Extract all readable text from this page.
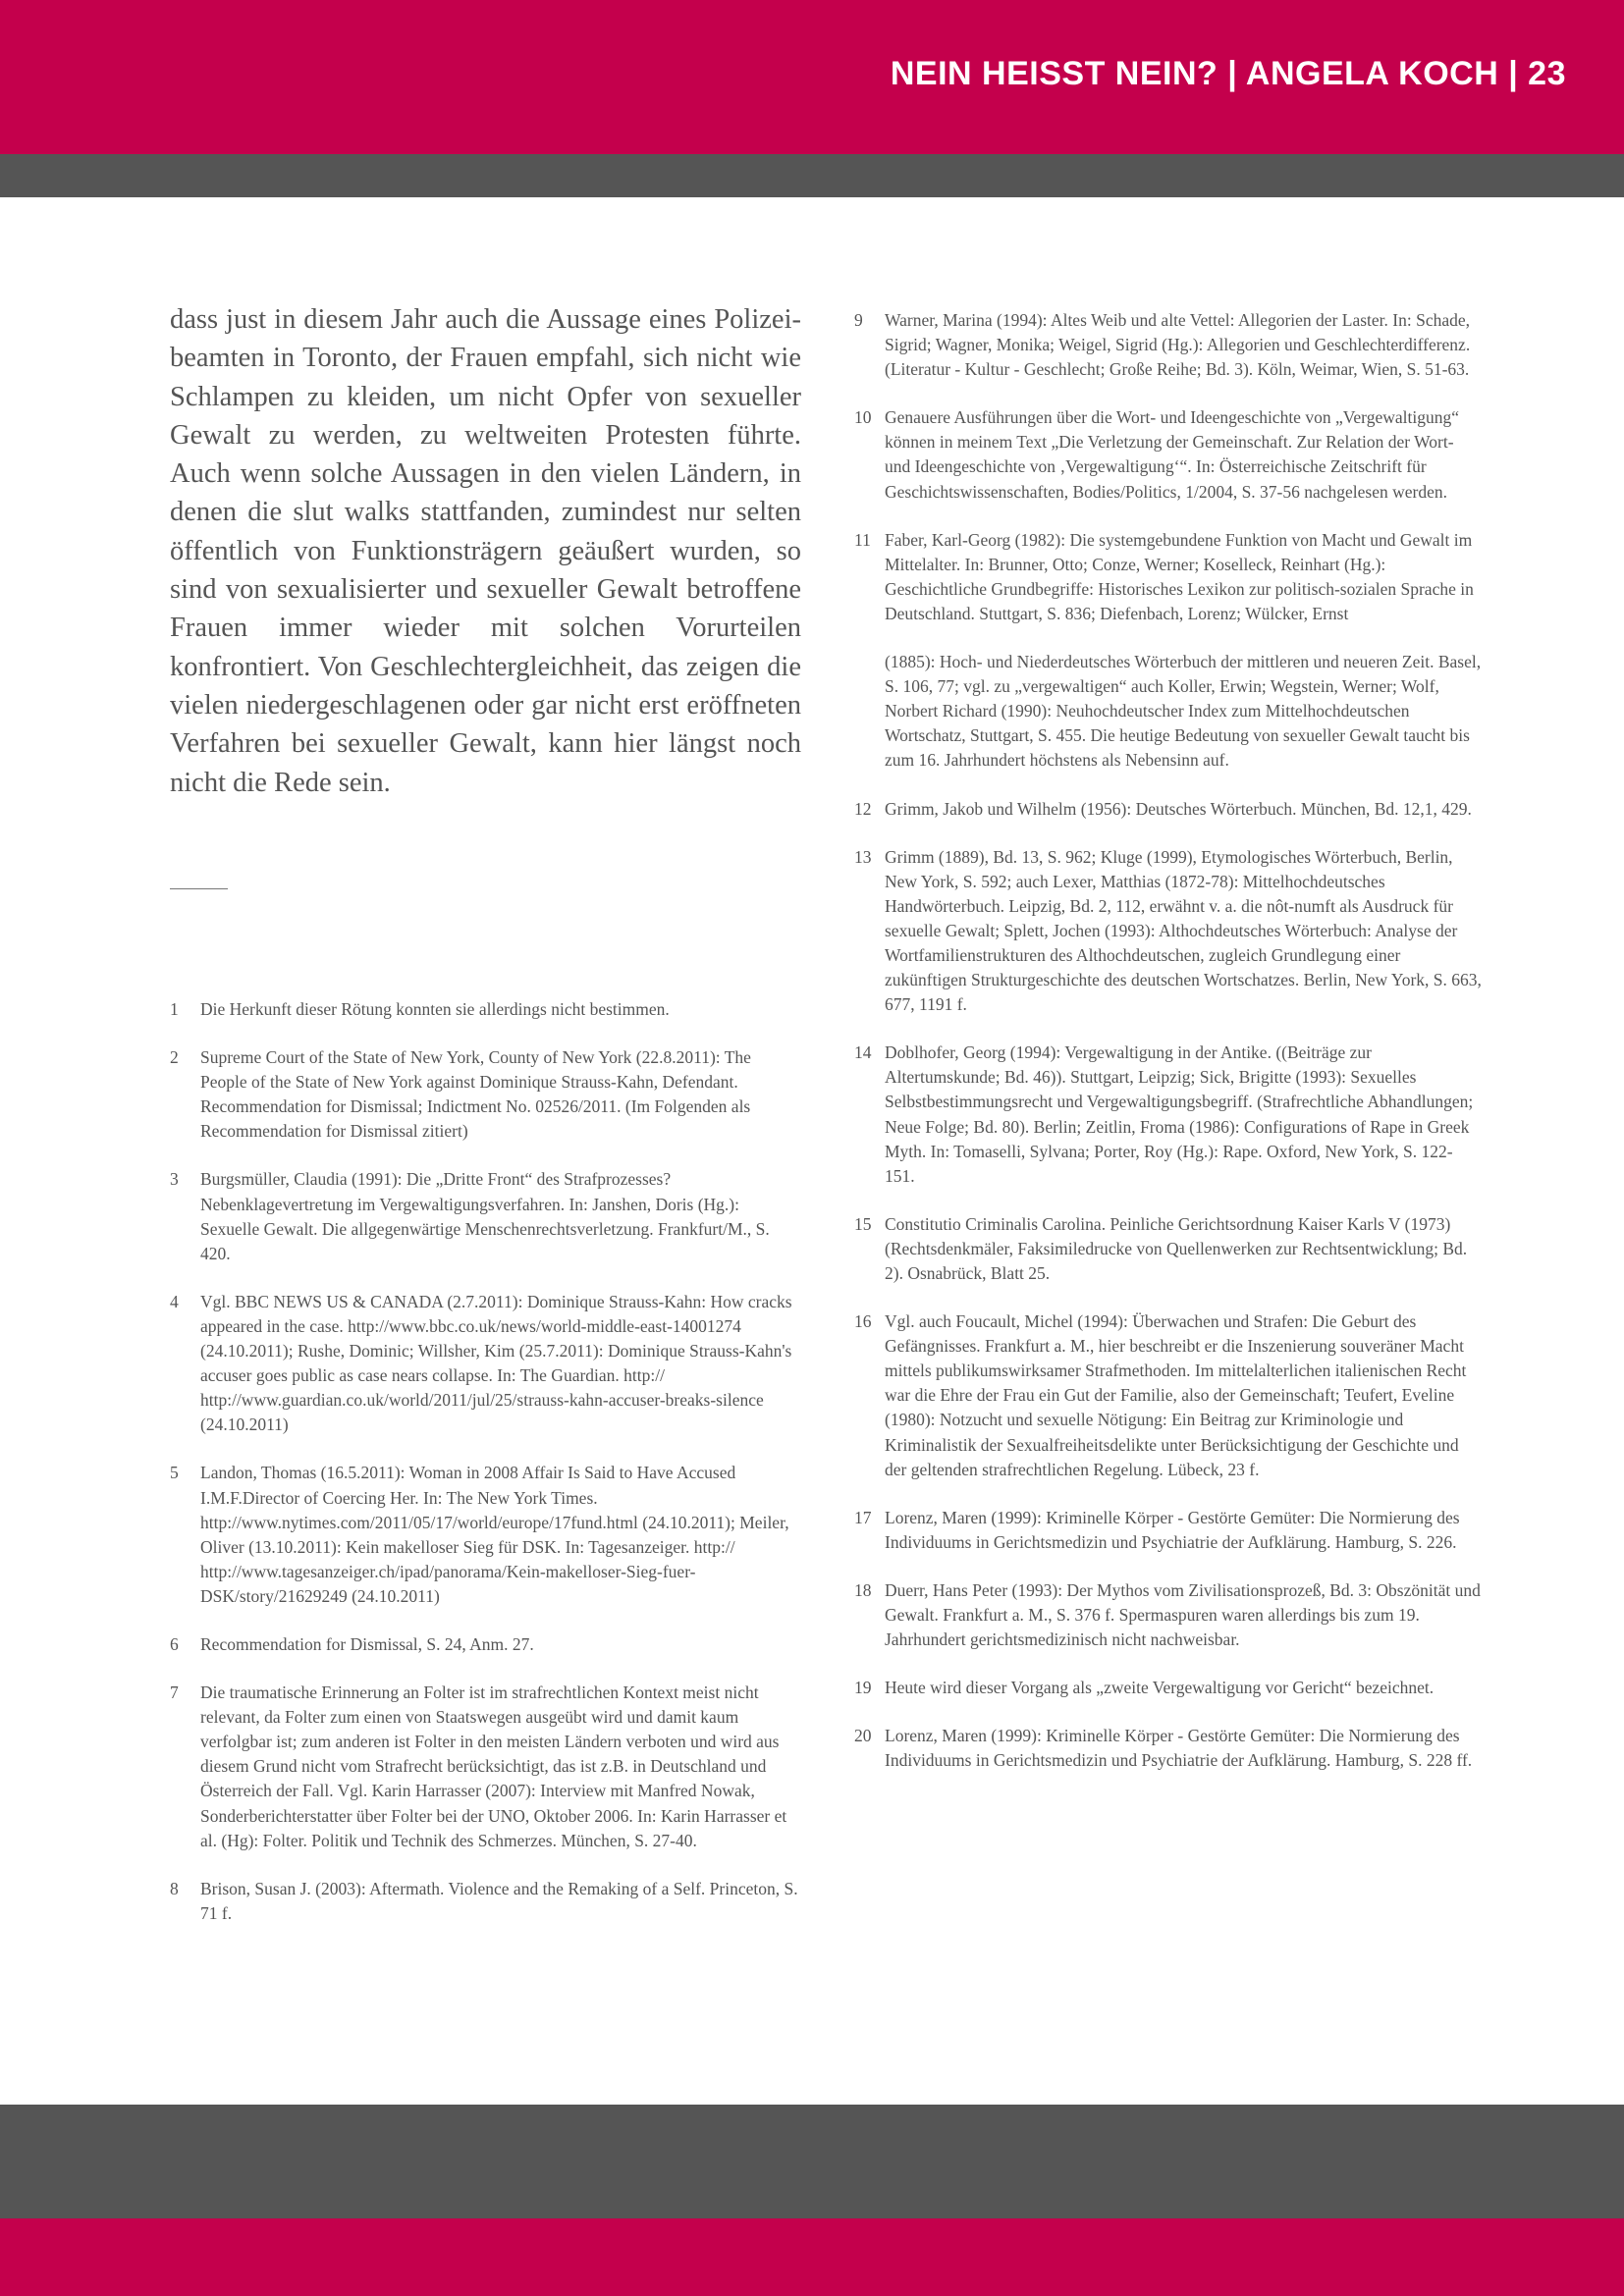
NEIN HEISST NEIN? | ANGELA KOCH | 23

dass just in diesem Jahr auch die Aussage eines Polizeibeamten in Toronto, der Frauen empfahl, sich nicht wie Schlampen zu kleiden, um nicht Opfer von sexueller Gewalt zu werden, zu weltweiten Protesten führte. Auch wenn solche Aussagen in den vielen Ländern, in denen die slut walks stattfanden, zumindest nur selten öffentlich von Funktionsträgern geäußert wurden, so sind von sexualisierter und sexueller Gewalt betroffene Frauen immer wieder mit solchen Vorurteilen konfrontiert. Von Geschlechtergleichheit, das zeigen die vielen niedergeschlagenen oder gar nicht erst eröffneten Verfahren bei sexueller Gewalt, kann hier längst noch nicht die Rede sein.

1 Die Herkunft dieser Rötung konnten sie allerdings nicht bestimmen.
2 Supreme Court of the State of New York, County of New York (22.8.2011): The People of the State of New York against Dominique Strauss-Kahn, Defendant. Recommendation for Dismissal; Indictment No. 02526/2011. (Im Folgenden als Recommendation for Dismissal zitiert)
3 Burgsmüller, Claudia (1991): Die „Dritte Front“ des Strafprozesses? Nebenklagevertretung im Vergewaltigungsverfahren. In: Janshen, Doris (Hg.): Sexuelle Gewalt. Die allgegenwärtige Menschenrechtsverletzung. Frankfurt/M., S. 420.
4 Vgl. BBC NEWS US & CANADA (2.7.2011): Dominique Strauss-Kahn: How cracks appeared in the case. http://www.bbc.co.uk/news/world-middle-east-14001274 (24.10.2011); Rushe, Dominic; Willsher, Kim (25.7.2011): Dominique Strauss-Kahn's accuser goes public as case nears collapse. In: The Guardian. http:// http://www.guardian.co.uk/world/2011/jul/25/strauss-kahn-accuser-breaks-silence (24.10.2011)
5 Landon, Thomas (16.5.2011): Woman in 2008 Affair Is Said to Have Accused I.M.F.Director of Coercing Her. In: The New York Times. http://www.nytimes.com/2011/05/17/world/europe/17fund.html (24.10.2011); Meiler, Oliver (13.10.2011): Kein makelloser Sieg für DSK. In: Tagesanzeiger. http:// http://www.tagesanzeiger.ch/ipad/panorama/Kein-makelloser-Sieg-fuer-DSK/story/21629249 (24.10.2011)
6 Recommendation for Dismissal, S. 24, Anm. 27.
7 Die traumatische Erinnerung an Folter ist im strafrechtlichen Kontext meist nicht relevant, da Folter zum einen von Staatswegen ausgeübt wird und damit kaum verfolgbar ist; zum anderen ist Folter in den meisten Ländern verboten und wird aus diesem Grund nicht vom Strafrecht berücksichtigt, das ist z.B. in Deutschland und Österreich der Fall. Vgl. Karin Harrasser (2007): Interview mit Manfred Nowak, Sonderberichterstatter über Folter bei der UNO, Oktober 2006. In: Karin Harrasser et al. (Hg): Folter. Politik und Technik des Schmerzes. München, S. 27-40.
8 Brison, Susan J. (2003): Aftermath. Violence and the Remaking of a Self. Princeton, S. 71 f.
9 Warner, Marina (1994): Altes Weib und alte Vettel: Allegorien der Laster. In: Schade, Sigrid; Wagner, Monika; Weigel, Sigrid (Hg.): Allegorien und Geschlechterdifferenz. (Literatur - Kultur - Geschlecht; Große Reihe; Bd. 3). Köln, Weimar, Wien, S. 51-63.
10 Genauere Ausführungen über die Wort- und Ideengeschichte von „Vergewaltigung“ können in meinem Text „Die Verletzung der Gemeinschaft. Zur Relation der Wort- und Ideengeschichte von ‚Vergewaltigung‘“. In: Österreichische Zeitschrift für Geschichtswissenschaften, Bodies/Politics, 1/2004, S. 37-56 nachgelesen werden.
11 Faber, Karl-Georg (1982): Die systemgebundene Funktion von Macht und Gewalt im Mittelalter. In: Brunner, Otto; Conze, Werner; Koselleck, Reinhart (Hg.): Geschichtliche Grundbegriffe: Historisches Lexikon zur politisch-sozialen Sprache in Deutschland. Stuttgart, S. 836; Diefenbach, Lorenz; Wülcker, Ernst
(1885): Hoch- und Niederdeutsches Wörterbuch der mittleren und neueren Zeit. Basel, S. 106, 77; vgl. zu „vergewaltigen“ auch Koller, Erwin; Wegstein, Werner; Wolf, Norbert Richard (1990): Neuhochdeutscher Index zum Mittelhochdeutschen Wortschatz, Stuttgart, S. 455. Die heutige Bedeutung von sexueller Gewalt taucht bis zum 16. Jahrhundert höchstens als Nebensinn auf.
12 Grimm, Jakob und Wilhelm (1956): Deutsches Wörterbuch. München, Bd. 12,1, 429.
13 Grimm (1889), Bd. 13, S. 962; Kluge (1999), Etymologisches Wörterbuch, Berlin, New York, S. 592; auch Lexer, Matthias (1872-78): Mittelhochdeutsches Handwörterbuch. Leipzig, Bd. 2, 112, erwähnt v. a. die nôt-numft als Ausdruck für sexuelle Gewalt; Splett, Jochen (1993): Althochdeutsches Wörterbuch: Analyse der Wortfamilienstrukturen des Althochdeutschen, zugleich Grundlegung einer zukünftigen Strukturgeschichte des deutschen Wortschatzes. Berlin, New York, S. 663, 677, 1191 f.
14 Doblhofer, Georg (1994): Vergewaltigung in der Antike. ((Beiträge zur Altertumskunde; Bd. 46)). Stuttgart, Leipzig; Sick, Brigitte (1993): Sexuelles Selbstbestimmungsrecht und Vergewaltigungsbegriff. (Strafrechtliche Abhandlungen; Neue Folge; Bd. 80). Berlin; Zeitlin, Froma (1986): Configurations of Rape in Greek Myth. In: Tomaselli, Sylvana; Porter, Roy (Hg.): Rape. Oxford, New York, S. 122-151.
15 Constitutio Criminalis Carolina. Peinliche Gerichtsordnung Kaiser Karls V (1973) (Rechtsdenkmäler, Faksimiledrucke von Quellenwerken zur Rechtsentwicklung; Bd. 2). Osnabrück, Blatt 25.
16 Vgl. auch Foucault, Michel (1994): Überwachen und Strafen: Die Geburt des Gefängnisses. Frankfurt a. M., hier beschreibt er die Inszenierung souveräner Macht mittels publikumswirksamer Strafmethoden. Im mittelalterlichen italienischen Recht war die Ehre der Frau ein Gut der Familie, also der Gemeinschaft; Teufert, Eveline (1980): Notzucht und sexuelle Nötigung: Ein Beitrag zur Kriminologie und Kriminalistik der Sexualfreiheitsdelikte unter Berücksichtigung der Geschichte und der geltenden strafrechtlichen Regelung. Lübeck, 23 f.
17 Lorenz, Maren (1999): Kriminelle Körper - Gestörte Gemüter: Die Normierung des Individuums in Gerichtsmedizin und Psychiatrie der Aufklärung. Hamburg, S. 226.
18 Duerr, Hans Peter (1993): Der Mythos vom Zivilisationsprozeß, Bd. 3: Obszönität und Gewalt. Frankfurt a. M., S. 376 f. Spermaspuren waren allerdings bis zum 19. Jahrhundert gerichtsmedizinisch nicht nachweisbar.
19 Heute wird dieser Vorgang als „zweite Vergewaltigung vor Gericht“ bezeichnet.
20 Lorenz, Maren (1999): Kriminelle Körper - Gestörte Gemüter: Die Normierung des Individuums in Gerichtsmedizin und Psychiatrie der Aufklärung. Hamburg, S. 228 ff.
